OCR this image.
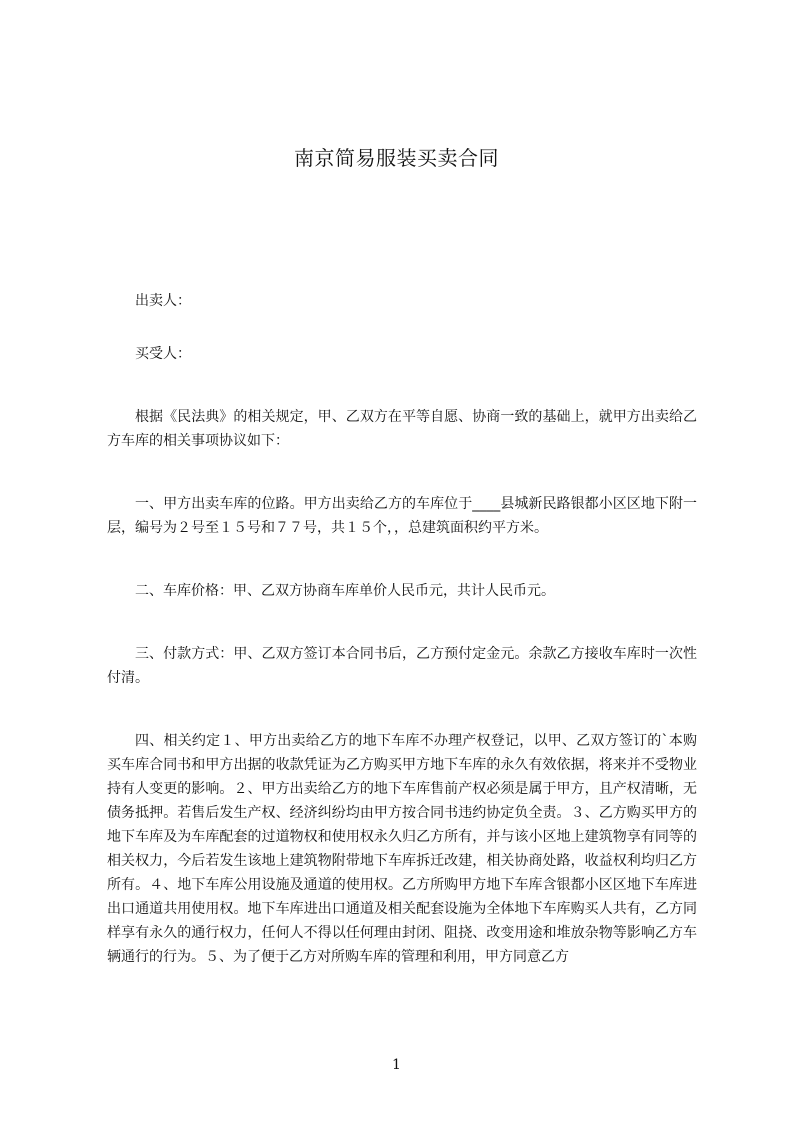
南京简易服装买卖合同

出卖人：

买受人：

根据《民法典》的相关规定，甲、乙双方在平等自愿、协商一致的基础上，就甲方出卖给乙方车库的相关事项协议如下：

一、甲方出卖车库的位路。甲方出卖给乙方的车库位于____县城新民路银都小区区地下附一层，编号为２号至１５号和７７号，共１５个，，总建筑面积约平方米。

二、车库价格：甲、乙双方协商车库单价人民币元，共计人民币元。

三、付款方式：甲、乙双方签订本合同书后，乙方预付定金元。余款乙方接收车库时一次性付清。

四、相关约定１、甲方出卖给乙方的地下车库不办理产权登记，以甲、乙双方签订的`本购买车库合同书和甲方出据的收款凭证为乙方购买甲方地下车库的永久有效依据，将来并不受物业持有人变更的影响。２、甲方出卖给乙方的地下车库售前产权必须是属于甲方，且产权清晰，无债务抵押。若售后发生产权、经济纠纷均由甲方按合同书违约协定负全责。３、乙方购买甲方的地下车库及为车库配套的过道物权和使用权永久归乙方所有，并与该小区地上建筑物享有同等的相关权力，今后若发生该地上建筑物附带地下车库拆迁改建，相关协商处路，收益权利均归乙方所有。４、地下车库公用设施及通道的使用权。乙方所购甲方地下车库含银都小区区地下车库进出口通道共用使用权。地下车库进出口通道及相关配套设施为全体地下车库购买人共有，乙方同样享有永久的通行权力，任何人不得以任何理由封闭、阻挠、改变用途和堆放杂物等影响乙方车辆通行的行为。５、为了便于乙方对所购车库的管理和利用，甲方同意乙方

1
